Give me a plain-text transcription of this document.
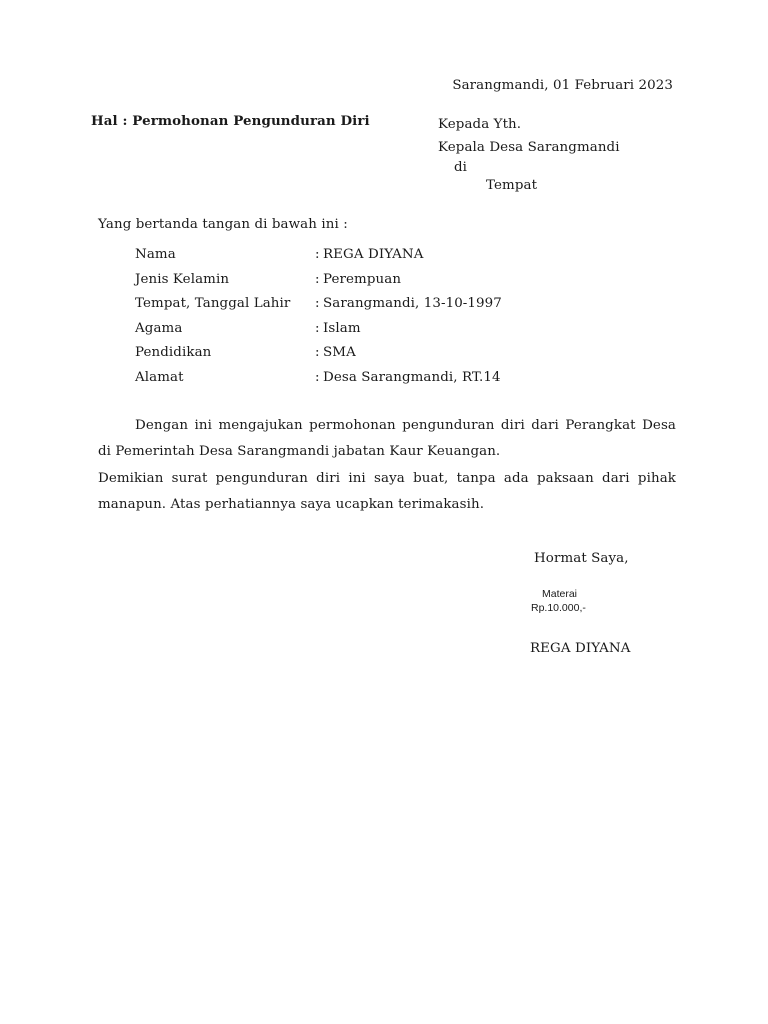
Sarangmandi, 01 Februari 2023
Hal : Permohonan Pengunduran Diri	Kepada Yth.
Kepala Desa Sarangmandi
di
Tempat
Yang bertanda tangan di bawah ini :
Nama	: REGA DIYANA
Jenis Kelamin	: Perempuan
Tempat, Tanggal Lahir	: Sarangmandi, 13-10-1997
Agama	: Islam
Pendidikan	: SMA
Alamat	: Desa Sarangmandi, RT.14
Dengan ini mengajukan permohonan pengunduran diri dari Perangkat Desa di Pemerintah Desa Sarangmandi jabatan Kaur Keuangan.
Demikian surat pengunduran diri ini saya buat, tanpa ada paksaan dari pihak manapun. Atas perhatiannya saya ucapkan terimakasih.
Hormat Saya,
Materai
Rp.10.000,-
REGA DIYANA
